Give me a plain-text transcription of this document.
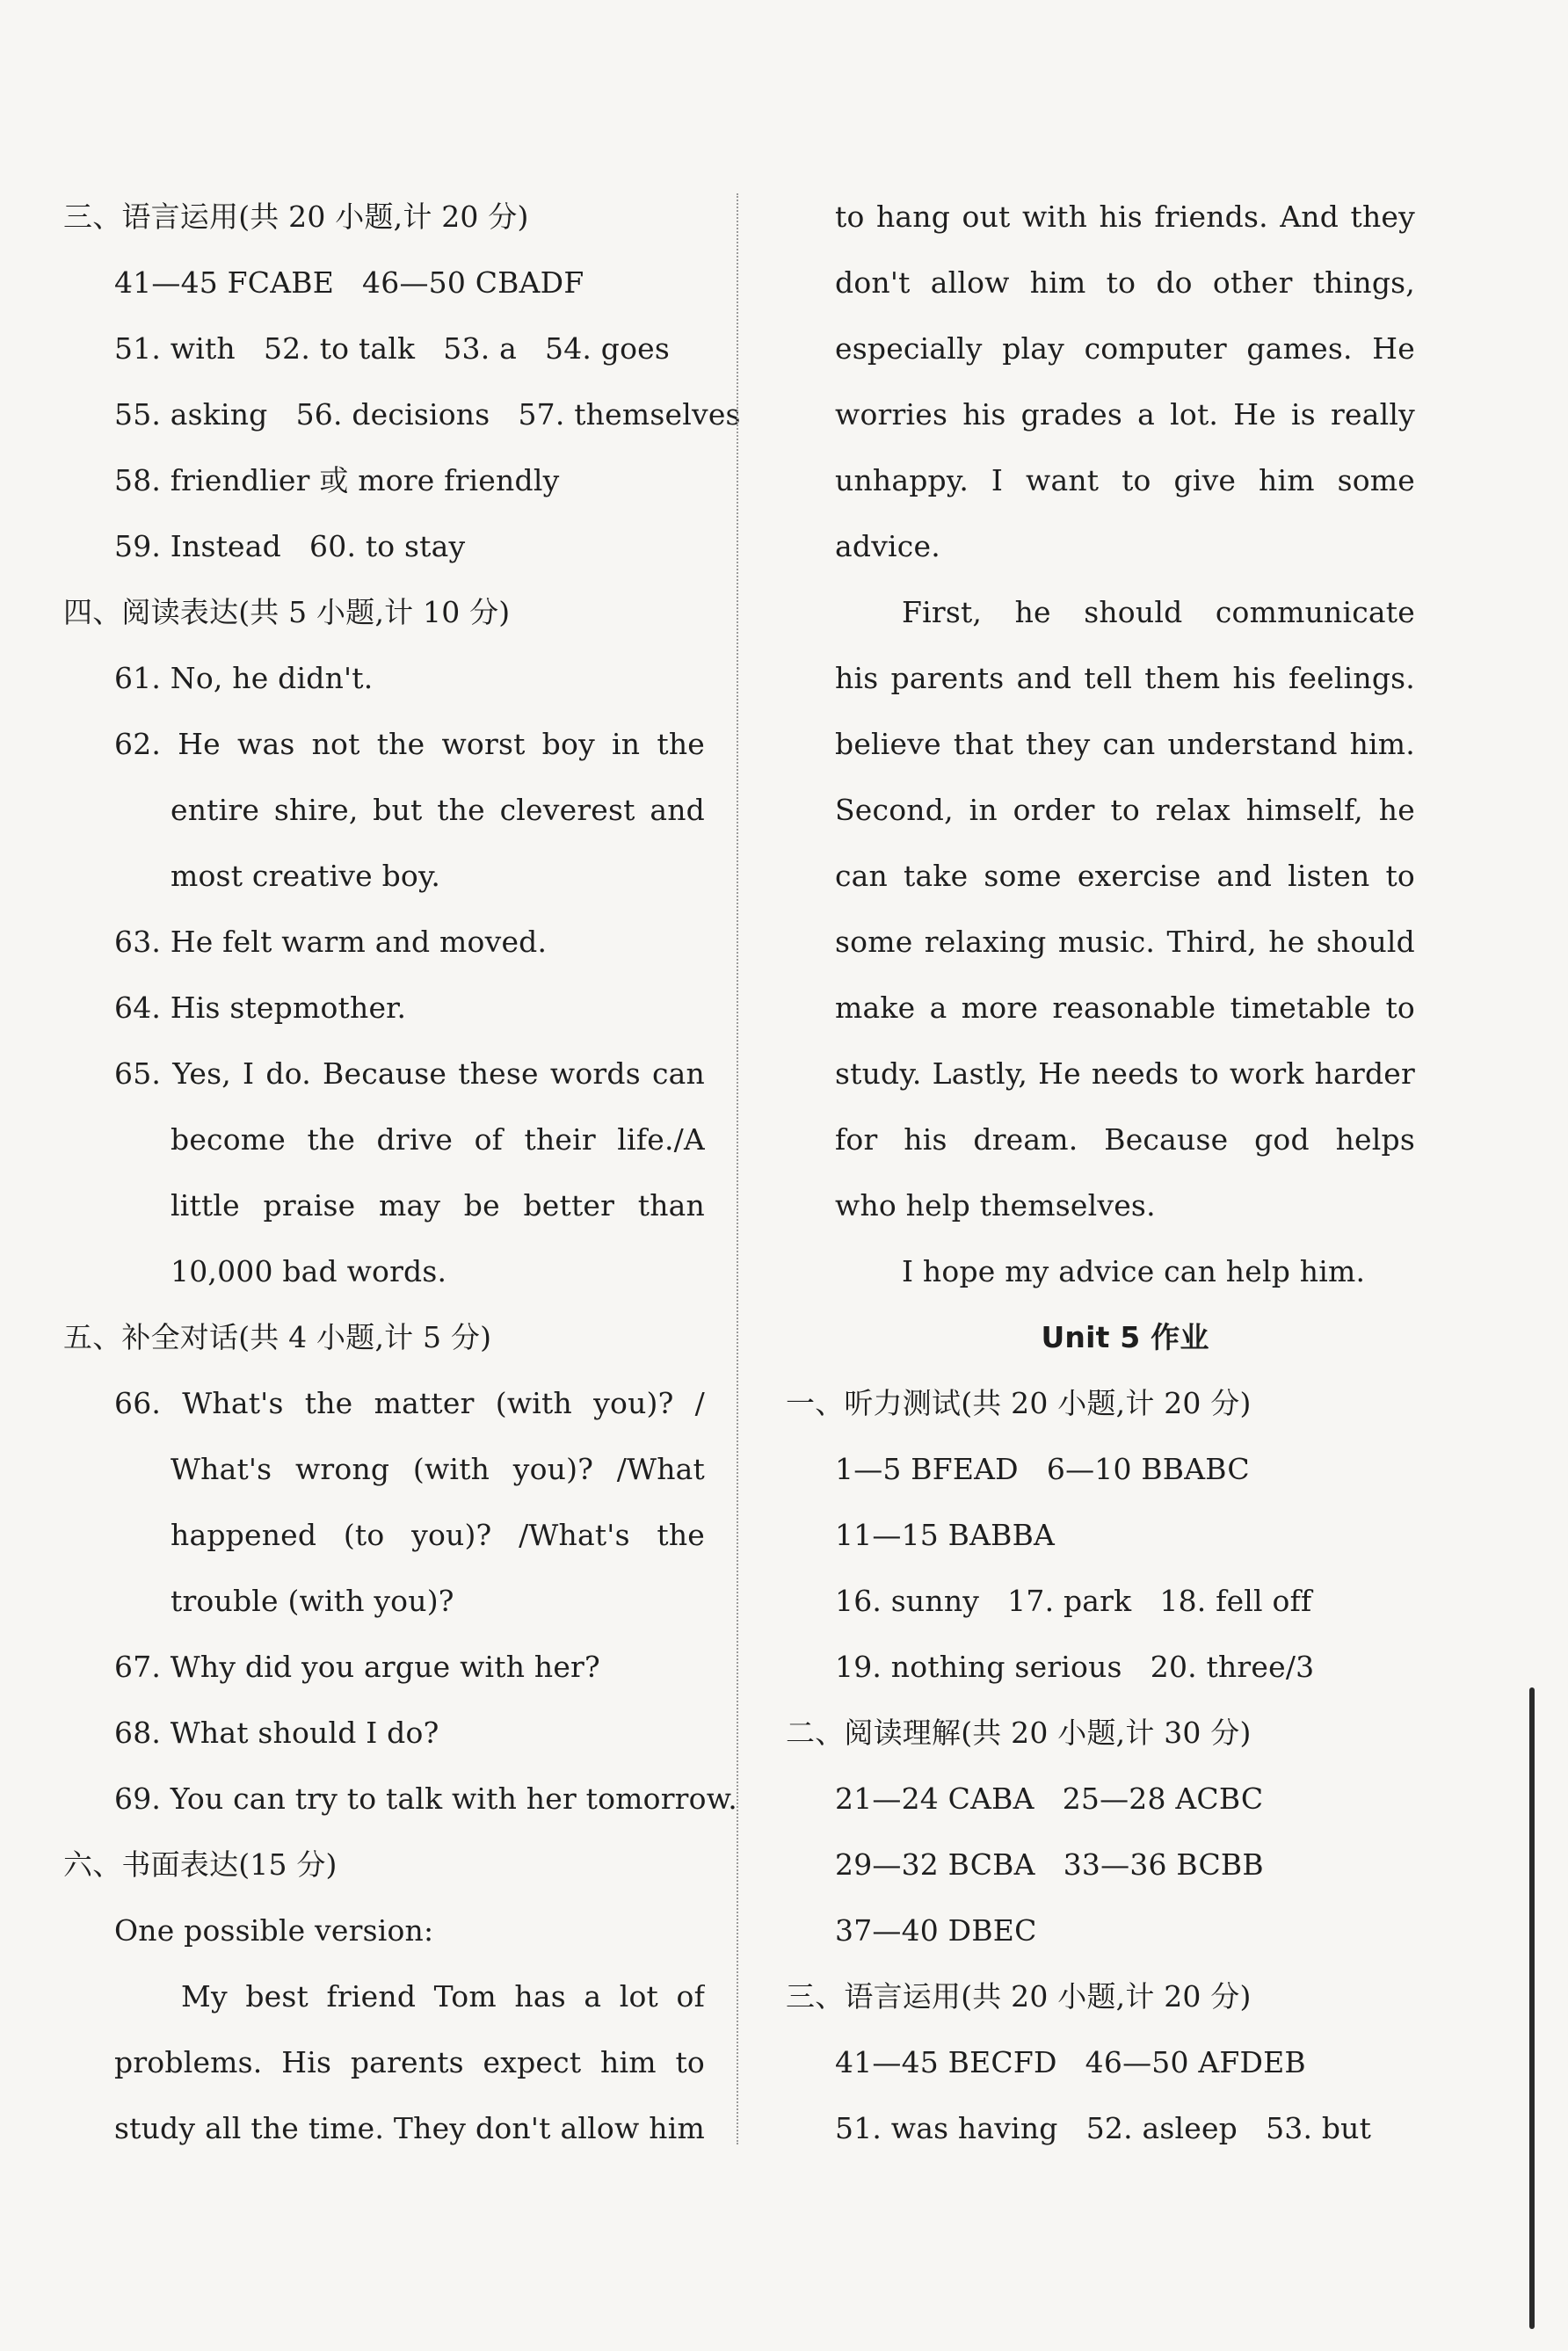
三、语言运用(共 20 小题,计 20 分)
41—45 FCABE   46—50 CBADF
51. with   52. to talk   53. a   54. goes
55. asking   56. decisions   57. themselves
58. friendlier 或 more friendly
59. Instead   60. to stay
四、阅读表达(共 5 小题,计 10 分)
61. No, he didn't.
62. He was not the worst boy in the
entire shire, but the cleverest and
most creative boy.
63. He felt warm and moved.
64. His stepmother.
65. Yes, I do. Because these words can
become the drive of their life./A
little praise may be better than
10,000 bad words.
五、补全对话(共 4 小题,计 5 分)
66. What's the matter (with you)? /
What's wrong (with you)? /What
happened (to you)? /What's the
trouble (with you)?
67. Why did you argue with her?
68. What should I do?
69. You can try to talk with her tomorrow.
六、书面表达(15 分)
One possible version:
My best friend Tom has a lot of
problems. His parents expect him to
study all the time. They don't allow him
to hang out with his friends. And they
don't allow him to do other things,
especially play computer games. He
worries his grades a lot. He is really
unhappy. I want to give him some
advice.
First, he should communicate
his parents and tell them his feelings.
believe that they can understand him.
Second, in order to relax himself, he
can take some exercise and listen to
some relaxing music. Third, he should
make a more reasonable timetable to
study. Lastly, He needs to work harder
for his dream. Because god helps
who help themselves.
I hope my advice can help him.
Unit 5 作业
一、听力测试(共 20 小题,计 20 分)
1—5 BFEAD   6—10 BBABC
11—15 BABBA
16. sunny   17. park   18. fell off
19. nothing serious   20. three/3
二、阅读理解(共 20 小题,计 30 分)
21—24 CABA   25—28 ACBC
29—32 BCBA   33—36 BCBB
37—40 DBEC
三、语言运用(共 20 小题,计 20 分)
41—45 BECFD   46—50 AFDEB
51. was having   52. asleep   53. but
